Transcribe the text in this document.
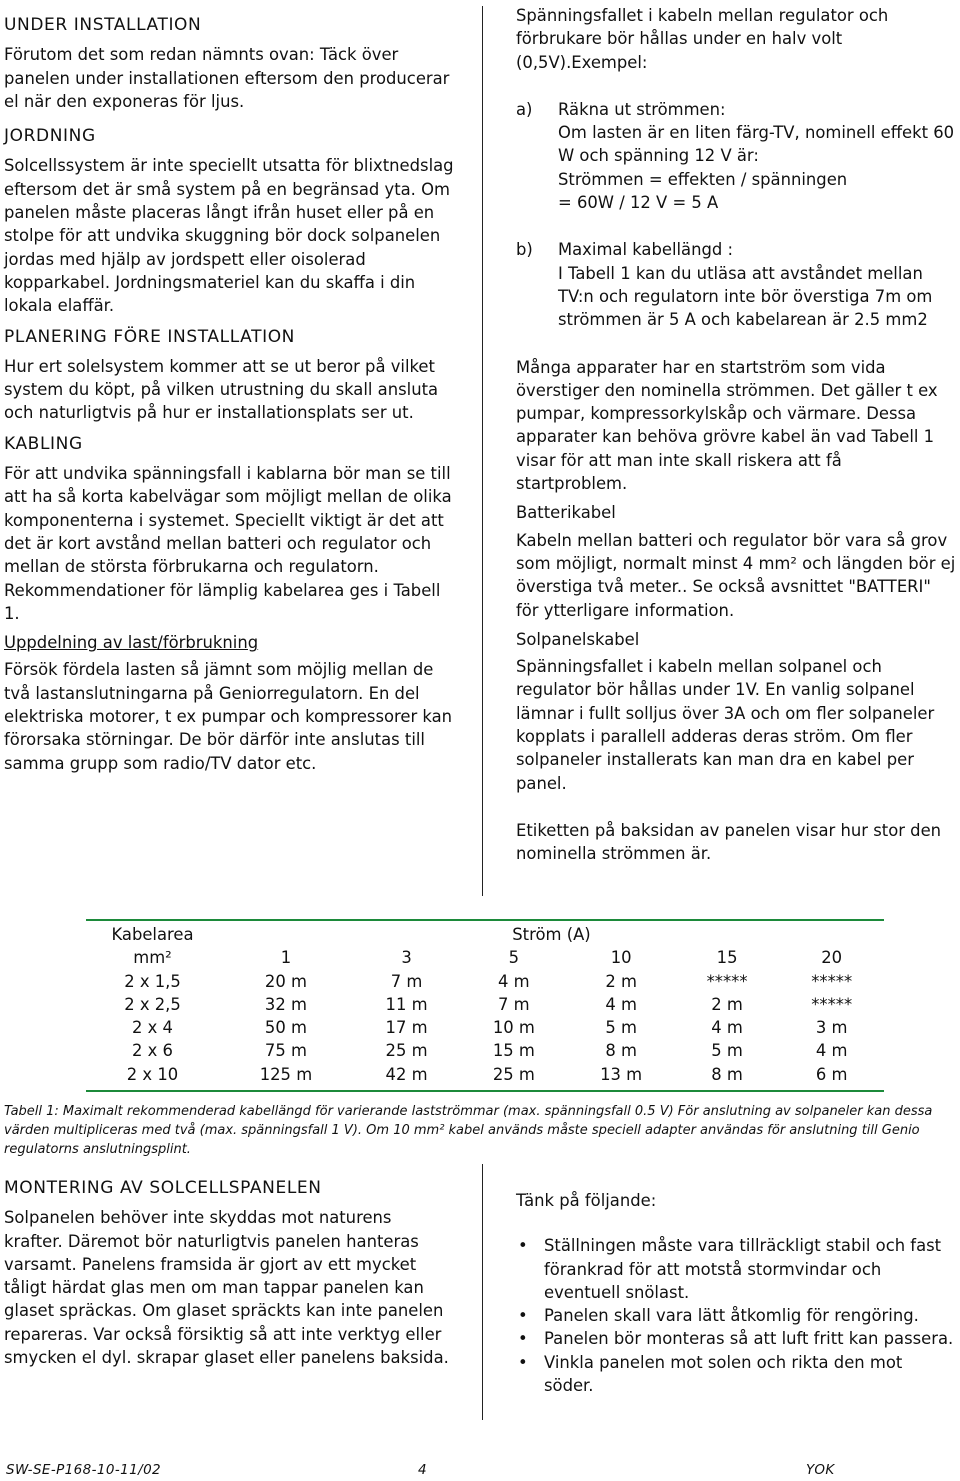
UNDER INSTALLATION

Förutom det som redan nämnts ovan: Täck över panelen under installationen eftersom den producerar el när den exponeras för ljus.

JORDNING

Solcellssystem är inte speciellt utsatta för blixtnedslag eftersom det är små system på en begränsad yta. Om panelen måste placeras långt ifrån huset eller på en stolpe för att undvika skuggning bör dock solpanelen jordas med hjälp av jordspett eller oisolerad kopparkabel. Jordningsmateriel kan du skaffa i din lokala elaffär.

PLANERING FÖRE INSTALLATION

Hur ert solelsystem kommer att se ut beror på vilket system du köpt, på vilken utrustning du skall ansluta och naturligtvis på hur er installationsplats ser ut.

KABLING

För att undvika spänningsfall i kablarna bör man se till att ha så korta kabelvägar som möjligt mellan de olika komponenterna i systemet. Speciellt viktigt är det att det är kort avstånd mellan batteri och regulator och mellan de största förbrukarna och regulatorn. Rekommendationer för lämplig kabelarea ges i Tabell 1.

Uppdelning av last/förbrukning

Försök fördela lasten så jämnt som möjlig mellan de två lastanslutningarna på Geniorregulatorn. En del elektriska motorer, t ex pumpar och kompressorer kan förorsaka störningar. De bör därför inte anslutas till samma grupp som radio/TV dator etc.

Spänningsfallet i kabeln mellan regulator och förbrukare bör hållas under en halv volt (0,5V).Exempel:

a) Räkna ut strömmen:

Om lasten är en liten färg-TV, nominell effekt 60 W och spänning 12 V är:

Strömmen = effekten / spänningen

= 60W / 12 V = 5 A

b) Maximal kabellängd :

I Tabell 1 kan du utläsa att avståndet mellan TV:n och regulatorn inte bör överstiga 7m om strömmen är 5 A och kabelarean är 2.5 mm2

Många apparater har en startström som vida överstiger den nominella strömmen. Det gäller t ex pumpar, kompressorkylskåp och värmare. Dessa apparater kan behöva grövre kabel än vad Tabell 1 visar för att man inte skall riskera att få startproblem.

Batterikabel

Kabeln mellan batteri och regulator bör vara så grov som möjligt, normalt minst 4 mm² och längden bör ej överstiga två meter.. Se också avsnittet "BATTERI" för ytterligare information.

Solpanelskabel

Spänningsfallet i kabeln mellan solpanel och regulator bör hållas under 1V. En vanlig solpanel lämnar i fullt solljus över 3A och om fler solpaneler kopplats i parallell adderas deras ström. Om fler solpaneler installerats kan man dra en kabel per panel.

Etiketten på baksidan av panelen visar hur stor den nominella strömmen är.

Kabelarea	Ström (A)					
mm²	1	3	5	10	15	20
2 x 1,5	20 m	7 m	4 m	2 m	*****	*****
2 x 2,5	32 m	11 m	7 m	4 m	2 m	*****
2 x 4	50 m	17 m	10 m	5 m	4 m	3 m
2 x 6	75 m	25 m	15 m	8 m	5 m	4 m
2 x 10	125 m	42 m	25 m	13 m	8 m	6 m
Tabell 1: Maximalt rekommenderad kabellängd för varierande lastströmmar (max. spänningsfall 0.5 V) För anslutning av solpaneler kan dessa värden multipliceras med två (max. spänningsfall 1 V). Om 10 mm² kabel används måste speciell adapter användas för anslutning till Genio regulatorns anslutningsplint.
MONTERING AV SOLCELLSPANELEN

Solpanelen behöver inte skyddas mot naturens krafter. Däremot bör naturligtvis panelen hanteras varsamt. Panelens framsida är gjort av ett mycket tåligt härdat glas men om man tappar panelen kan glaset spräckas. Om glaset spräckts kan inte panelen repareras. Var också försiktig så att inte verktyg eller smycken el dyl. skrapar glaset eller panelens baksida.

Tänk på följande:

• Ställningen måste vara tillräckligt stabil och fast förankrad för att motstå stormvindar och eventuell snölast.
• Panelen skall vara lätt åtkomlig för rengöring.
• Panelen bör monteras så att luft fritt kan passera.
• Vinkla panelen mot solen och rikta den mot söder.
SW-SE-P168-10-11/02	4	YOK
